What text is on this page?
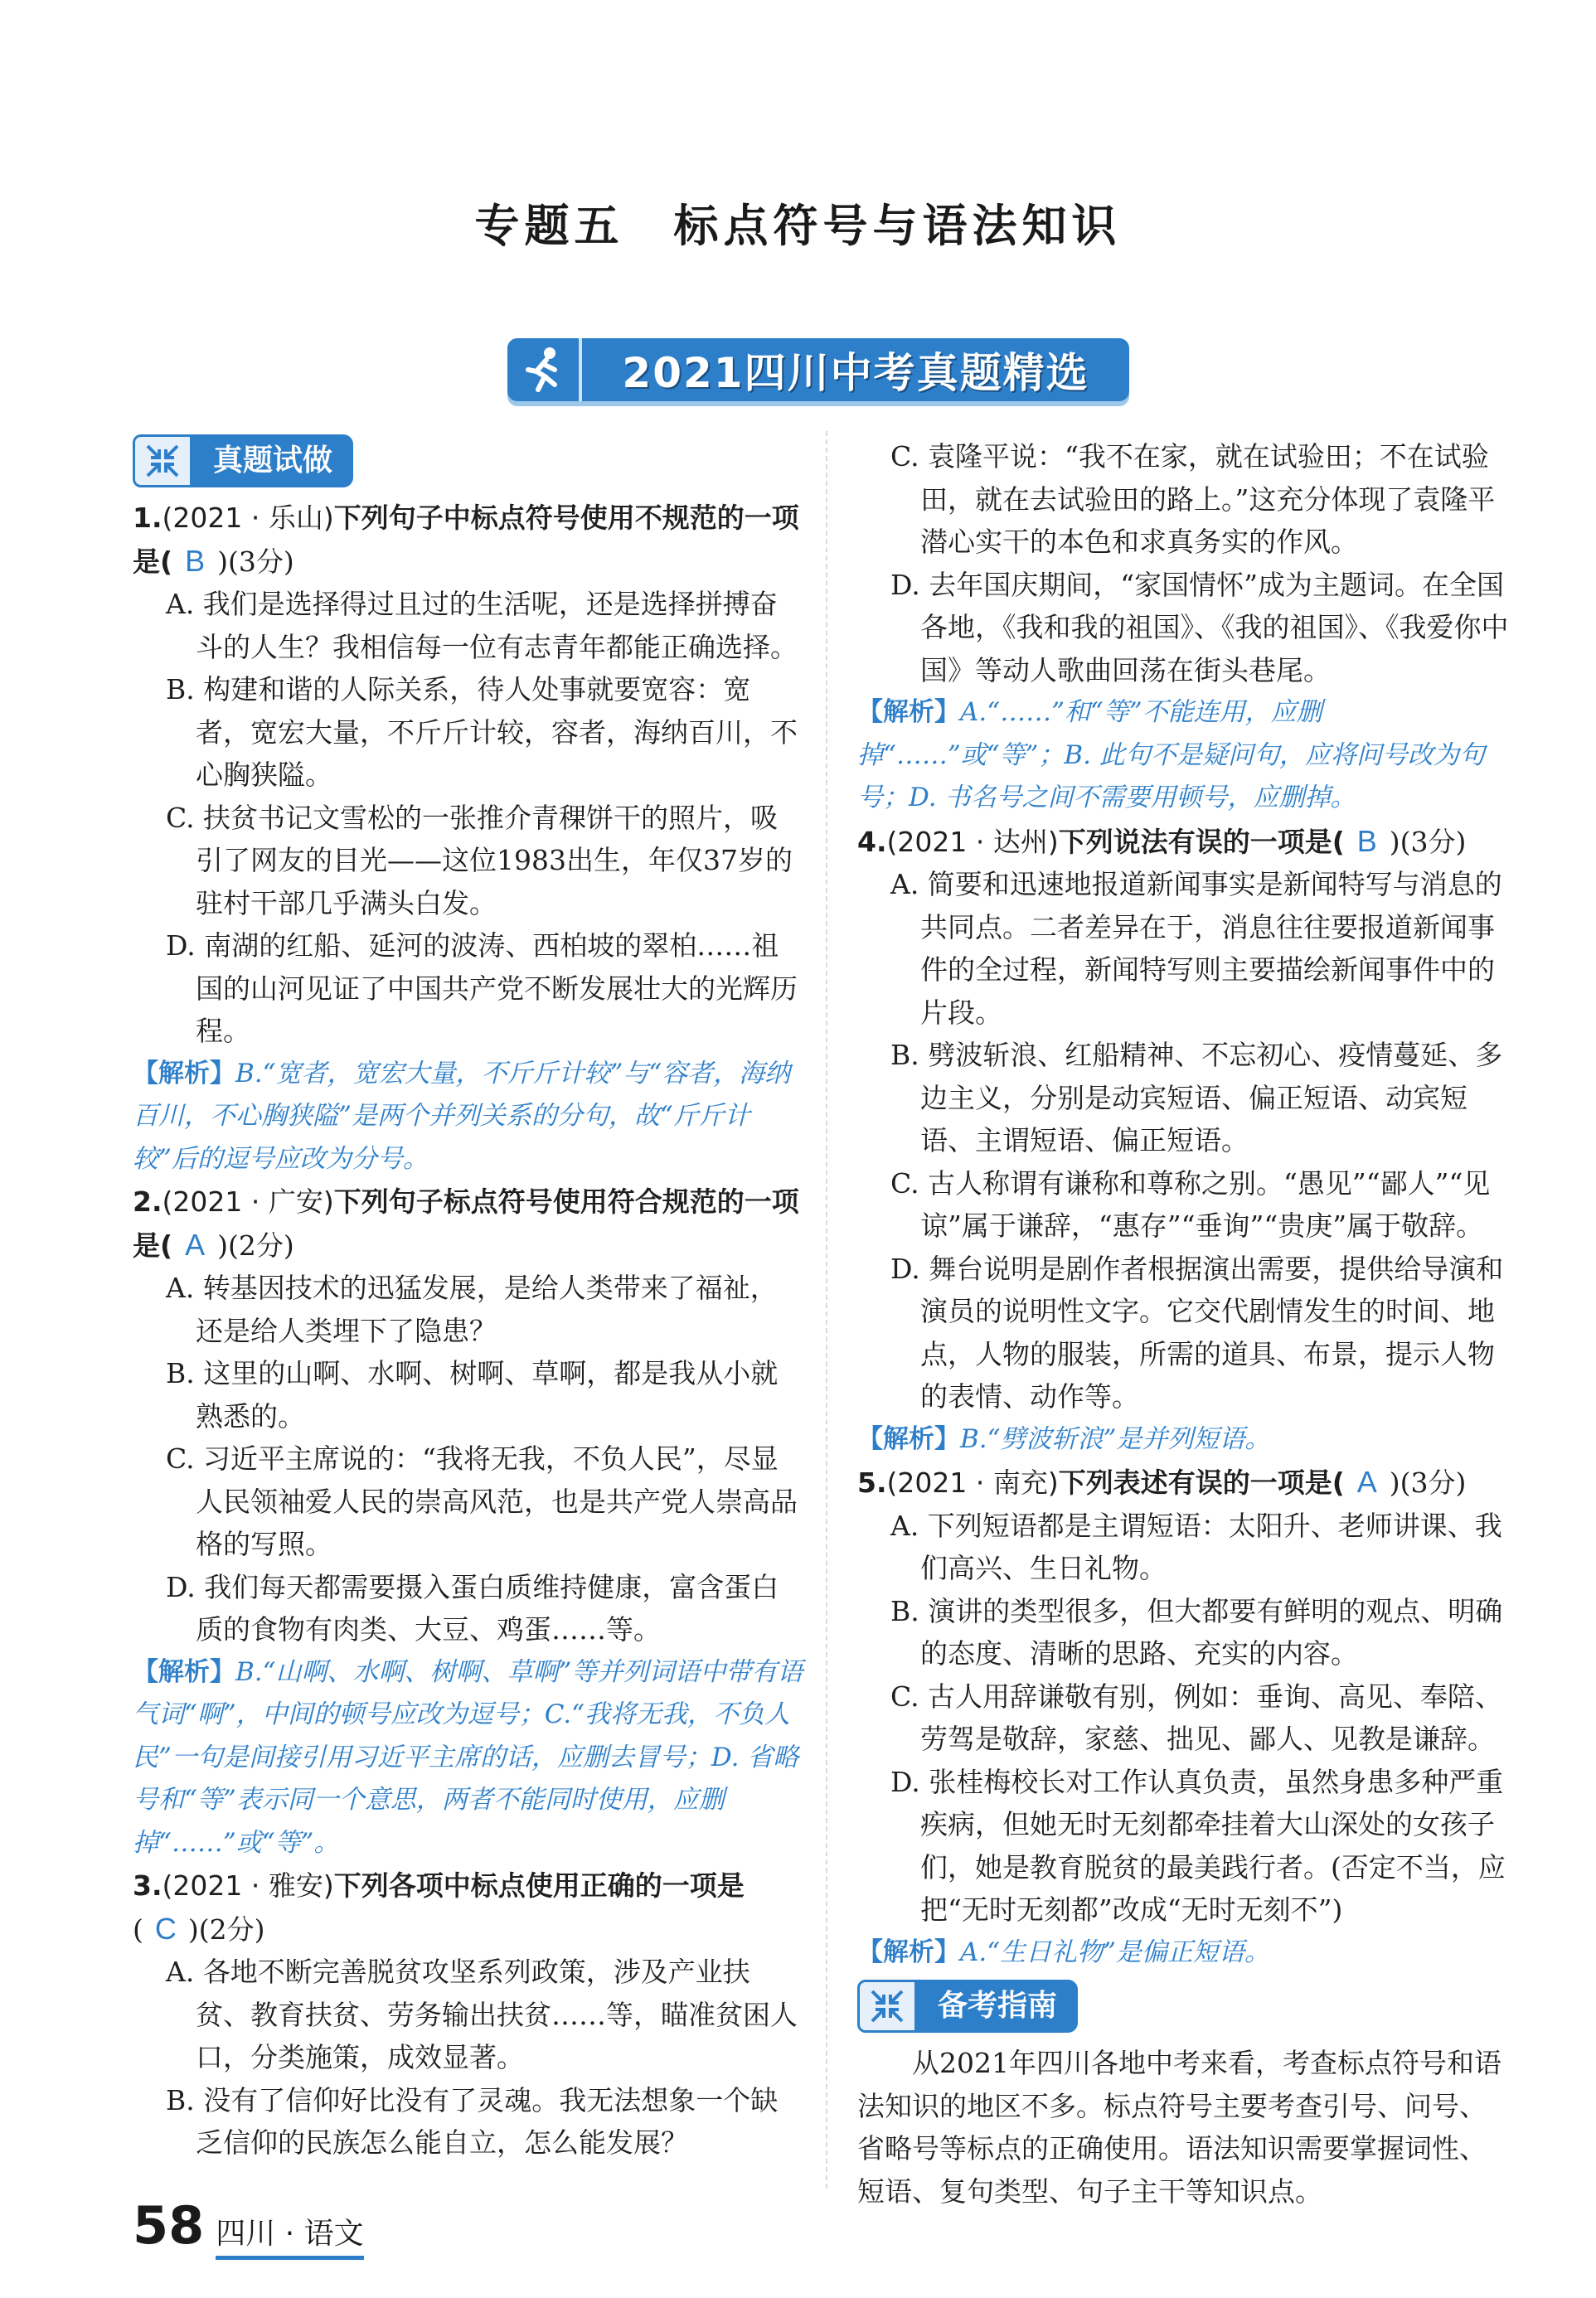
专题五　标点符号与语法知识
2021四川中考真题精选
真题试做
1.(2021 · 乐山)下列句子中标点符号使用不规范的一项是( B )(3分)
A. 我们是选择得过且过的生活呢，还是选择拼搏奋斗的人生？我相信每一位有志青年都能正确选择。
B. 构建和谐的人际关系，待人处事就要宽容：宽者，宽宏大量，不斤斤计较，容者，海纳百川，不心胸狭隘。
C. 扶贫书记文雪松的一张推介青稞饼干的照片，吸引了网友的目光——这位1983出生，年仅37岁的驻村干部几乎满头白发。
D. 南湖的红船、延河的波涛、西柏坡的翠柏……祖国的山河见证了中国共产党不断发展壮大的光辉历程。
【解析】B.“宽者，宽宏大量，不斤斤计较”与“容者，海纳百川，不心胸狭隘”是两个并列关系的分句，故“斤斤计较”后的逗号应改为分号。
2.(2021 · 广安)下列句子标点符号使用符合规范的一项是( A )(2分)
A. 转基因技术的迅猛发展，是给人类带来了福祉，还是给人类埋下了隐患？
B. 这里的山啊、水啊、树啊、草啊，都是我从小就熟悉的。
C. 习近平主席说的：“我将无我，不负人民”，尽显人民领袖爱人民的崇高风范，也是共产党人崇高品格的写照。
D. 我们每天都需要摄入蛋白质维持健康，富含蛋白质的食物有肉类、大豆、鸡蛋……等。
【解析】B.“山啊、水啊、树啊、草啊”等并列词语中带有语气词“啊”，中间的顿号应改为逗号；C.“我将无我，不负人民”一句是间接引用习近平主席的话，应删去冒号；D. 省略号和“等”表示同一个意思，两者不能同时使用，应删掉“……”或“等”。
3.(2021 · 雅安)下列各项中标点使用正确的一项是
( C )(2分)
A. 各地不断完善脱贫攻坚系列政策，涉及产业扶贫、教育扶贫、劳务输出扶贫……等，瞄准贫困人口，分类施策，成效显著。
B. 没有了信仰好比没有了灵魂。我无法想象一个缺乏信仰的民族怎么能自立，怎么能发展？
C. 袁隆平说：“我不在家，就在试验田；不在试验田，就在去试验田的路上。”这充分体现了袁隆平潜心实干的本色和求真务实的作风。
D. 去年国庆期间，“家国情怀”成为主题词。在全国各地，《我和我的祖国》、《我的祖国》、《我爱你中国》等动人歌曲回荡在街头巷尾。
【解析】A.“……”和“等”不能连用，应删掉“……”或“等”；B. 此句不是疑问句，应将问号改为句号；D. 书名号之间不需要用顿号，应删掉。
4.(2021 · 达州)下列说法有误的一项是( B )(3分)
A. 简要和迅速地报道新闻事实是新闻特写与消息的共同点。二者差异在于，消息往往要报道新闻事件的全过程，新闻特写则主要描绘新闻事件中的片段。
B. 劈波斩浪、红船精神、不忘初心、疫情蔓延、多边主义，分别是动宾短语、偏正短语、动宾短语、主谓短语、偏正短语。
C. 古人称谓有谦称和尊称之别。“愚见”“鄙人”“见谅”属于谦辞，“惠存”“垂询”“贵庚”属于敬辞。
D. 舞台说明是剧作者根据演出需要，提供给导演和演员的说明性文字。它交代剧情发生的时间、地点，人物的服装，所需的道具、布景，提示人物的表情、动作等。
【解析】B.“劈波斩浪”是并列短语。
5.(2021 · 南充)下列表述有误的一项是( A )(3分)
A. 下列短语都是主谓短语：太阳升、老师讲课、我们高兴、生日礼物。
B. 演讲的类型很多，但大都要有鲜明的观点、明确的态度、清晰的思路、充实的内容。
C. 古人用辞谦敬有别，例如：垂询、高见、奉陪、劳驾是敬辞，家慈、拙见、鄙人、见教是谦辞。
D. 张桂梅校长对工作认真负责，虽然身患多种严重疾病，但她无时无刻都牵挂着大山深处的女孩子们，她是教育脱贫的最美践行者。(否定不当，应把“无时无刻都”改成“无时无刻不”)
【解析】A.“生日礼物”是偏正短语。
备考指南

从2021年四川各地中考来看，考查标点符号和语法知识的地区不多。标点符号主要考查引号、问号、省略号等标点的正确使用。语法知识需要掌握词性、短语、复句类型、句子主干等知识点。

58 四川 · 语文
